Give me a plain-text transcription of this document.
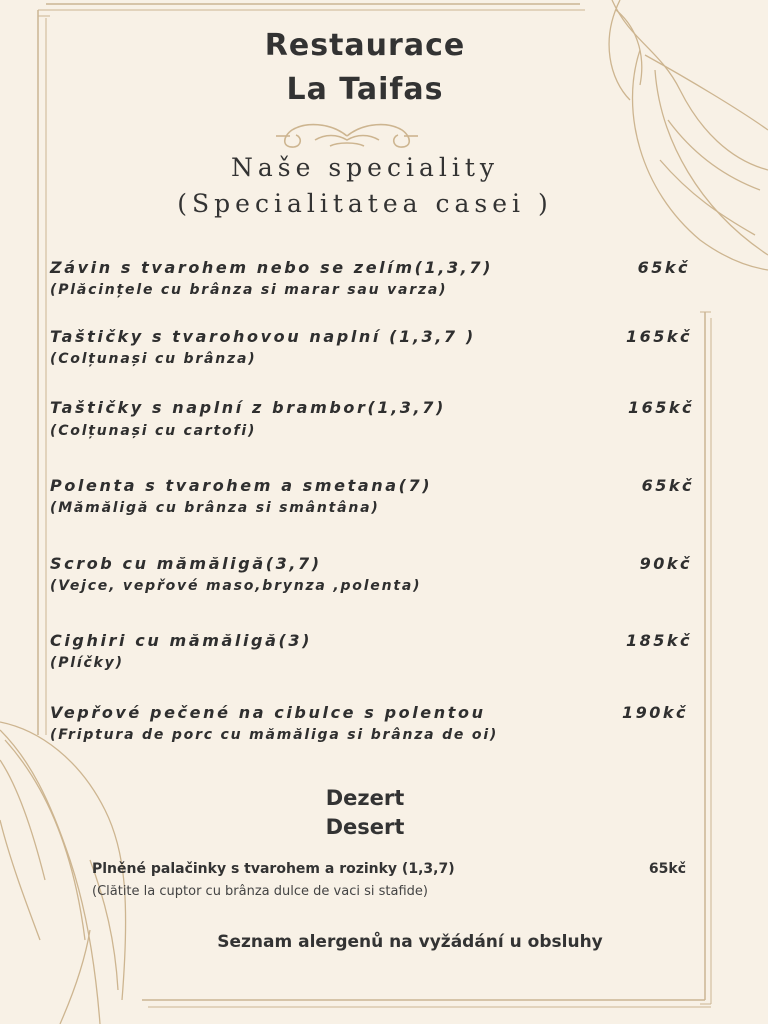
Restaurace
La Taifas
Naše speciality
(Specialitatea casei )
Závin s tvarohem nebo se zelím(1,3,7)
(Plăcințele cu brânza si marar sau varza)
65kč
Taštičky s tvarohovou naplní (1,3,7 )
(Colțunași cu brânza)
165kč
Taštičky s naplní z brambor(1,3,7)
(Colțunași cu cartofi)
165kč
Polenta s tvarohem a smetana(7)
(Mămăligă cu brânza si smântâna)
65kč
Scrob cu mămăligă(3,7)
(Vejce, vepřové maso,brynza ,polenta)
90kč
Cighiri cu mămăligă(3)
(Plíčky)
185kč
Vepřové pečené na cibulce s polentou
(Friptura de porc cu mămăliga si brânza de oi)
190kč
Dezert
Desert
Plněné palačinky s tvarohem a rozinky (1,3,7)
(Clătite la cuptor cu brânza dulce de vaci si stafide)
65kč
Seznam alergenů na vyžádání u obsluhy
